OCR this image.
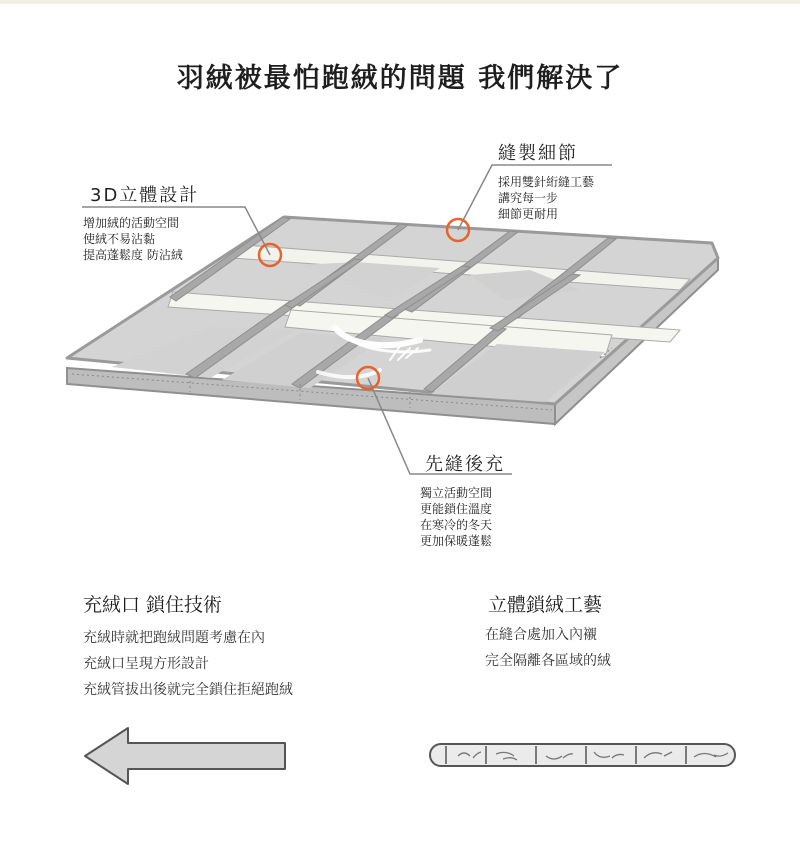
羽絨被最怕跑絨的問題 我們解決了
3D立體設計
增加絨的活動空間
使絨不易沾黏
提高蓬鬆度 防沾絨
縫製細節
採用雙針絎縫工藝
講究每一步
細節更耐用
先縫後充
獨立活動空間
更能鎖住溫度
在寒冷的冬天
更加保暖蓬鬆
充絨口 鎖住技術
充絨時就把跑絨問題考慮在內
充絨口呈現方形設計
充絨管拔出後就完全鎖住拒絕跑絨
立體鎖絨工藝
在縫合處加入內襯
完全隔離各區域的絨
